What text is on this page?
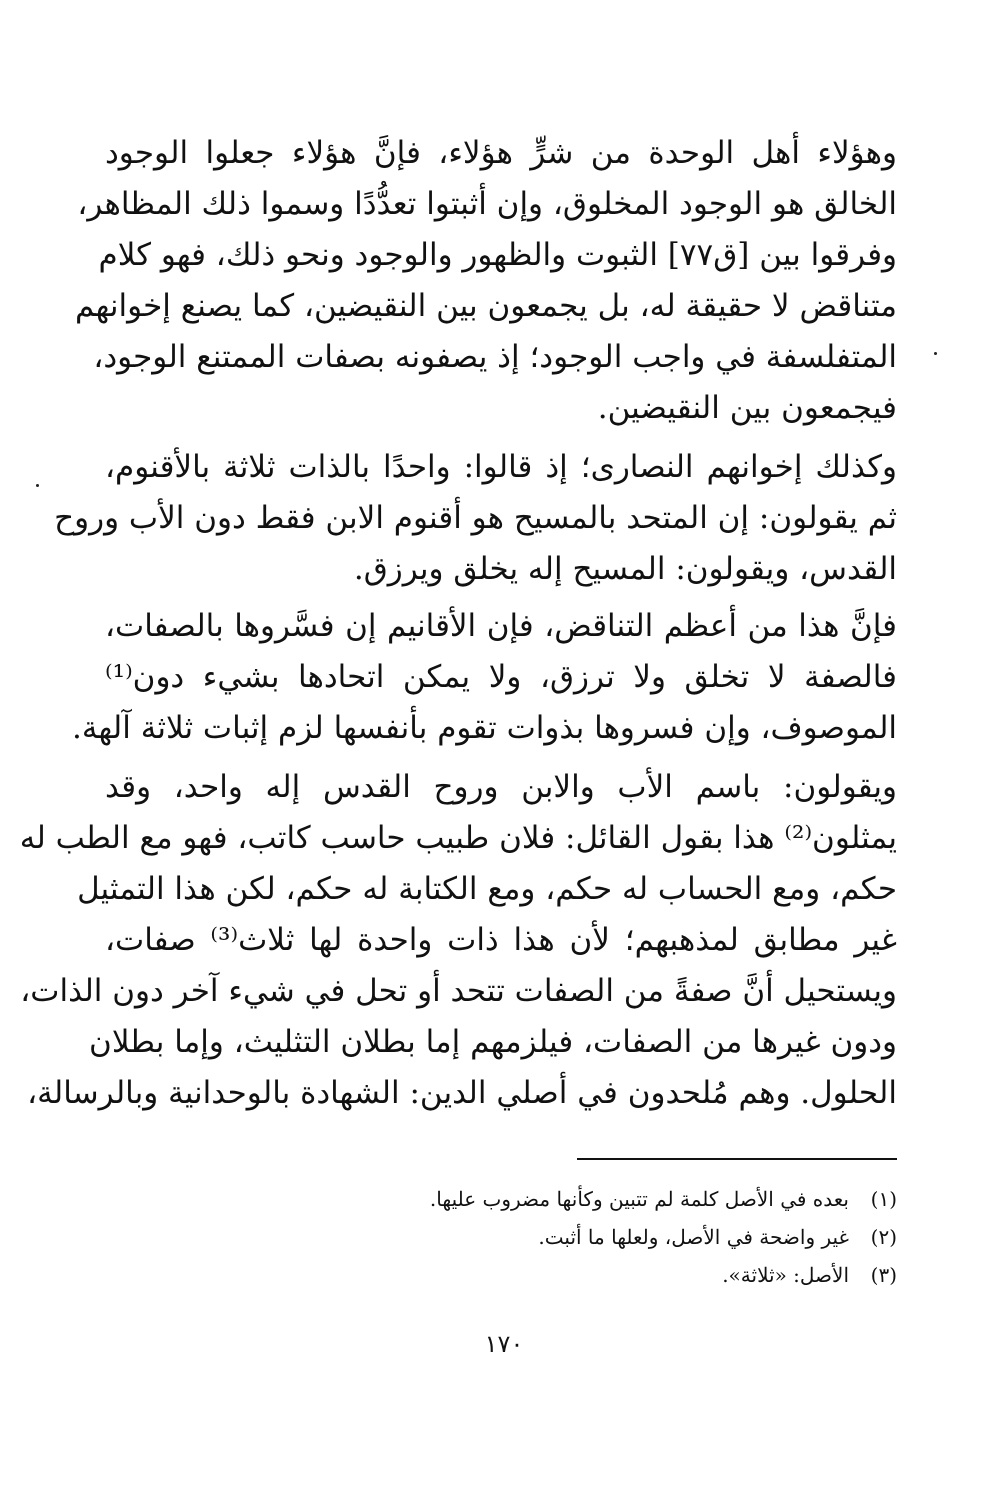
وهؤلاء أهل الوحدة من شرٍّ هؤلاء، فإنَّ هؤلاء جعلوا الوجود
الخالق هو الوجود المخلوق، وإن أثبتوا تعدُّدًا وسموا ذلك المظاهر،
وفرقوا بين [ق٧٧] الثبوت والظهور والوجود ونحو ذلك، فهو كلام
متناقض لا حقيقة له، بل يجمعون بين النقيضين، كما يصنع إخوانهم
المتفلسفة في واجب الوجود؛ إذ يصفونه بصفات الممتنع الوجود،
فيجمعون بين النقيضين.
وكذلك إخوانهم النصارى؛ إذ قالوا: واحدًا بالذات ثلاثة بالأقنوم،
ثم يقولون: إن المتحد بالمسيح هو أقنوم الابن فقط دون الأب وروح
القدس، ويقولون: المسيح إله يخلق ويرزق.
فإنَّ هذا من أعظم التناقض، فإن الأقانيم إن فسَّروها بالصفات،
فالصفة لا تخلق ولا ترزق، ولا يمكن اتحادها بشيء دون⁽¹⁾
الموصوف، وإن فسروها بذوات تقوم بأنفسها لزم إثبات ثلاثة آلهة.
ويقولون: باسم الأب والابن وروح القدس إله واحد، وقد
يمثلون⁽²⁾ هذا بقول القائل: فلان طبيب حاسب كاتب، فهو مع الطب له
حكم، ومع الحساب له حكم، ومع الكتابة له حكم، لكن هذا التمثيل
غير مطابق لمذهبهم؛ لأن هذا ذات واحدة لها ثلاث⁽³⁾ صفات،
ويستحيل أنَّ صفةً من الصفات تتحد أو تحل في شيء آخر دون الذات،
ودون غيرها من الصفات، فيلزمهم إما بطلان التثليث، وإما بطلان
الحلول. وهم مُلحدون في أصلي الدين: الشهادة بالوحدانية وبالرسالة،
(١)بعده في الأصل كلمة لم تتبين وكأنها مضروب عليها.
(٢)غير واضحة في الأصل، ولعلها ما أثبت.
(٣)الأصل: «ثلاثة».
١٧٠
